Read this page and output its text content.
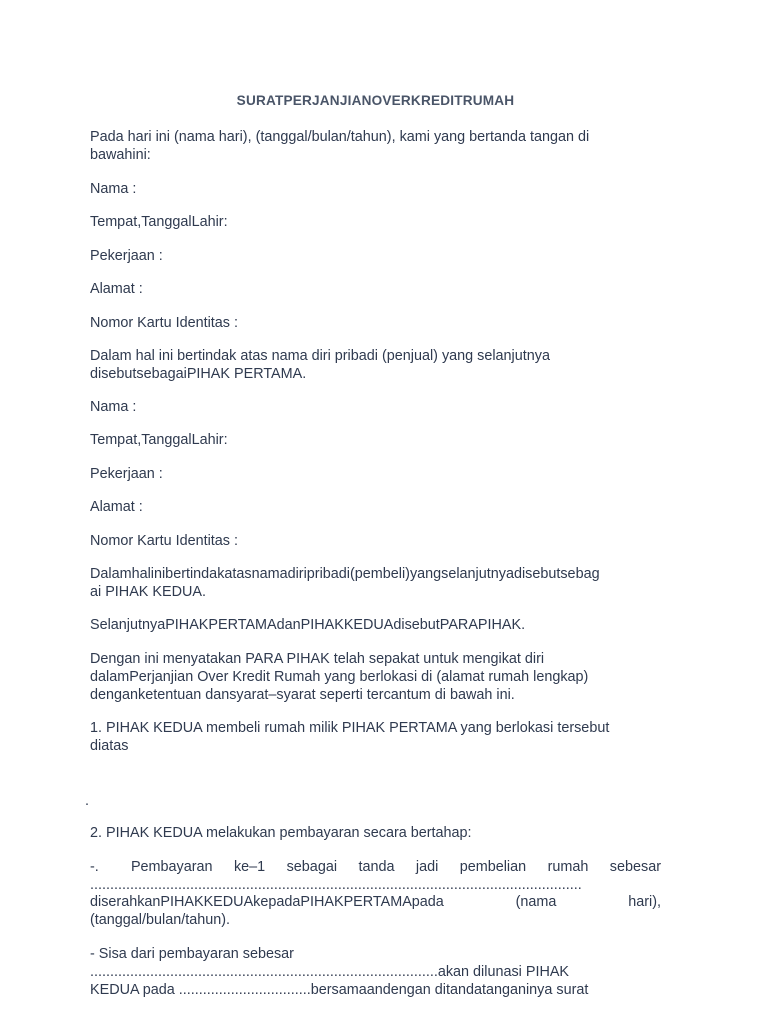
SURATPERJANJIANOVERKREDITRUMAH

Pada hari ini (nama hari), (tanggal/bulan/tahun), kami yang bertanda tangan di

bawahini:

Nama :

Tempat,TanggalLahir:

Pekerjaan :

Alamat :

Nomor Kartu Identitas :

Dalam hal ini bertindak atas nama diri pribadi (penjual) yang selanjutnya

disebutsebagaiPIHAK PERTAMA.

Nama :

Tempat,TanggalLahir:

Pekerjaan :

Alamat :

Nomor Kartu Identitas :

Dalamhalinibertindakatasnamadiripribadi(pembeli)yangselanjutnyadisebutsebag

ai PIHAK KEDUA.

SelanjutnyaPIHAKPERTAMAdanPIHAKKEDUAdisebutPARAPIHAK.

Dengan ini menyatakan PARA PIHAK telah sepakat untuk mengikat diri

dalamPerjanjian Over Kredit Rumah yang berlokasi di (alamat rumah lengkap)

denganketentuan dansyarat–syarat seperti tercantum di bawah ini.

1. PIHAK KEDUA membeli rumah milik PIHAK PERTAMA yang berlokasi tersebut

diatas

2. PIHAK KEDUA melakukan pembayaran secara bertahap:

-.   Pembayaran  ke–1  sebagai  tanda  jadi  pembelian  rumah  sebesar

...........................................................................................................................

diserahkanPIHAKKEDUAkepadaPIHAKPERTAMApada (nama hari),

(tanggal/bulan/tahun).

- Sisa dari pembayaran sebesar

.......................................................................................akan dilunasi PIHAK

KEDUA pada .................................bersamaandengan ditandatanganinya surat

.
